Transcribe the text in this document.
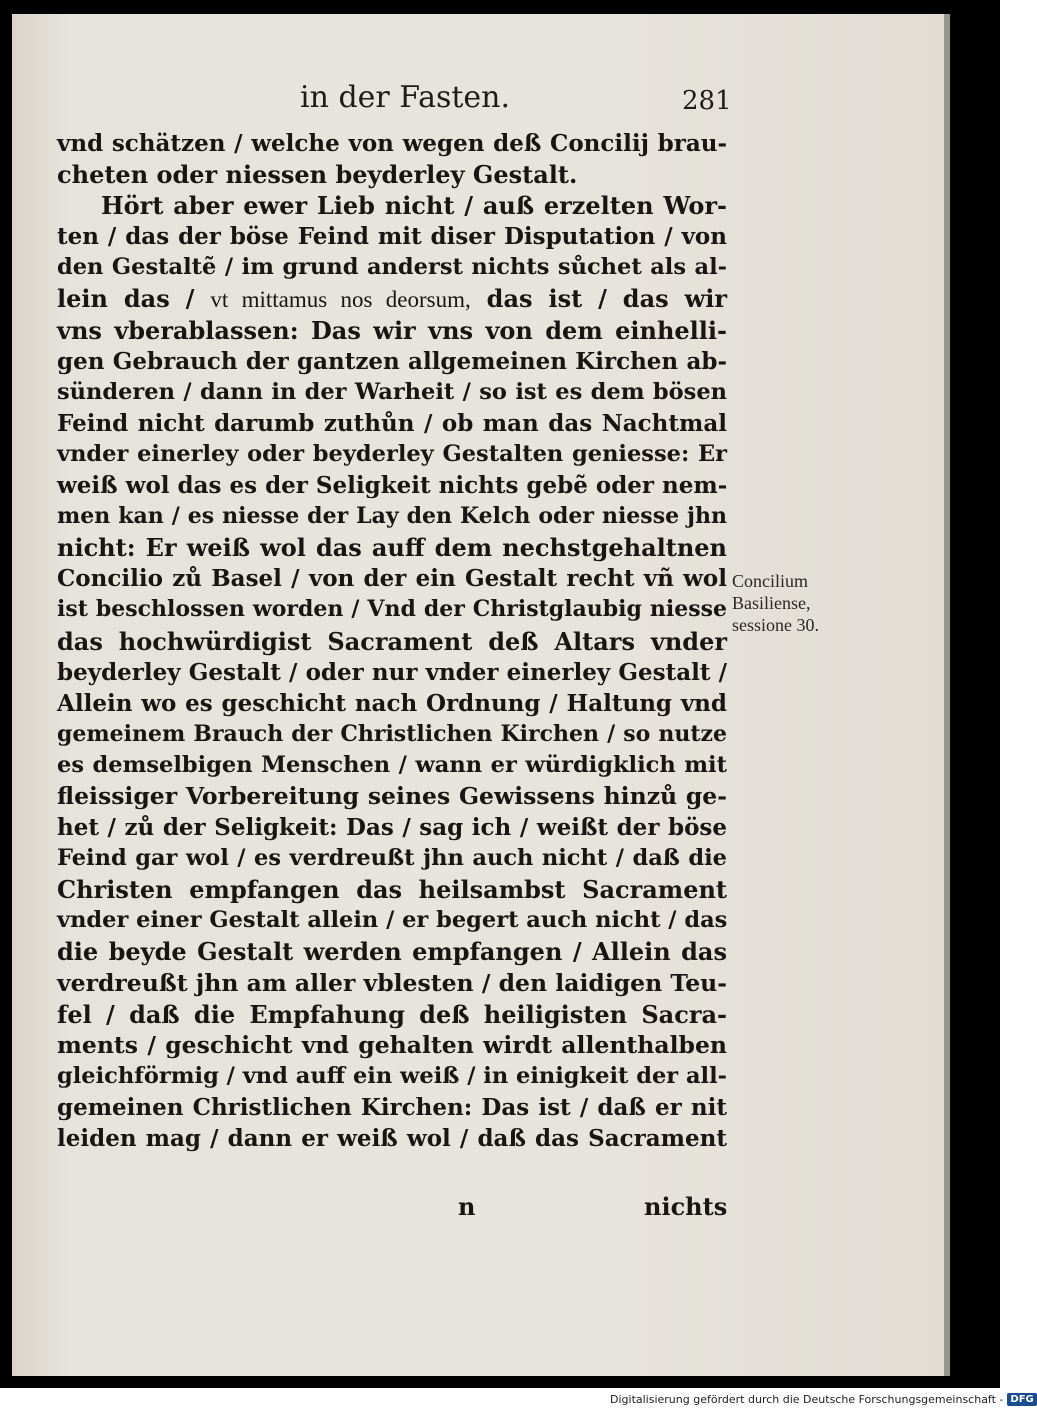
in der Fasten.	281
vnd schätzen / welche von wegen deß Concilij brau-
cheten oder niessen beyderley Gestalt.
Hört aber ewer Lieb nicht / auß erzelten Wor-
ten / das der böse Feind mit diser Disputation / von
den Gestaltẽ / im grund anderst nichts sůchet als al-
lein das / vt mittamus nos deorsum, das ist / das wir
vns vberablassen: Das wir vns von dem einhelli-
gen Gebrauch der gantzen allgemeinen Kirchen ab-
sünderen / dann in der Warheit / so ist es dem bösen
Feind nicht darumb zuthůn / ob man das Nachtmal
vnder einerley oder beyderley Gestalten geniesse: Er
weiß wol das es der Seligkeit nichts gebẽ oder nem-
men kan / es niesse der Lay den Kelch oder niesse jhn
nicht: Er weiß wol das auff dem nechstgehaltnen
Concilio zů Basel / von der ein Gestalt recht vñ wol
ist beschlossen worden / Vnd der Christglaubig niesse
das hochwürdigist Sacrament deß Altars vnder
beyderley Gestalt / oder nur vnder einerley Gestalt /
Allein wo es geschicht nach Ordnung / Haltung vnd
gemeinem Brauch der Christlichen Kirchen / so nutze
es demselbigen Menschen / wann er würdigklich mit
fleissiger Vorbereitung seines Gewissens hinzů ge-
het / zů der Seligkeit: Das / sag ich / weißt der böse
Feind gar wol / es verdreußt jhn auch nicht / daß die
Christen empfangen das heilsambst Sacrament
vnder einer Gestalt allein / er begert auch nicht / das
die beyde Gestalt werden empfangen / Allein das
verdreußt jhn am aller vblesten / den laidigen Teu-
fel / daß die Empfahung deß heiligisten Sacra-
ments / geschicht vnd gehalten wirdt allenthalben
gleichförmig / vnd auff ein weiß / in einigkeit der all-
gemeinen Christlichen Kirchen: Das ist / daß er nit
leiden mag / dann er weiß wol / daß das Sacrament
Concilium
Basiliense,
sessione 30.
n	nichts
Digitalisierung gefördert durch die Deutsche Forschungsgemeinschaft - DFG
